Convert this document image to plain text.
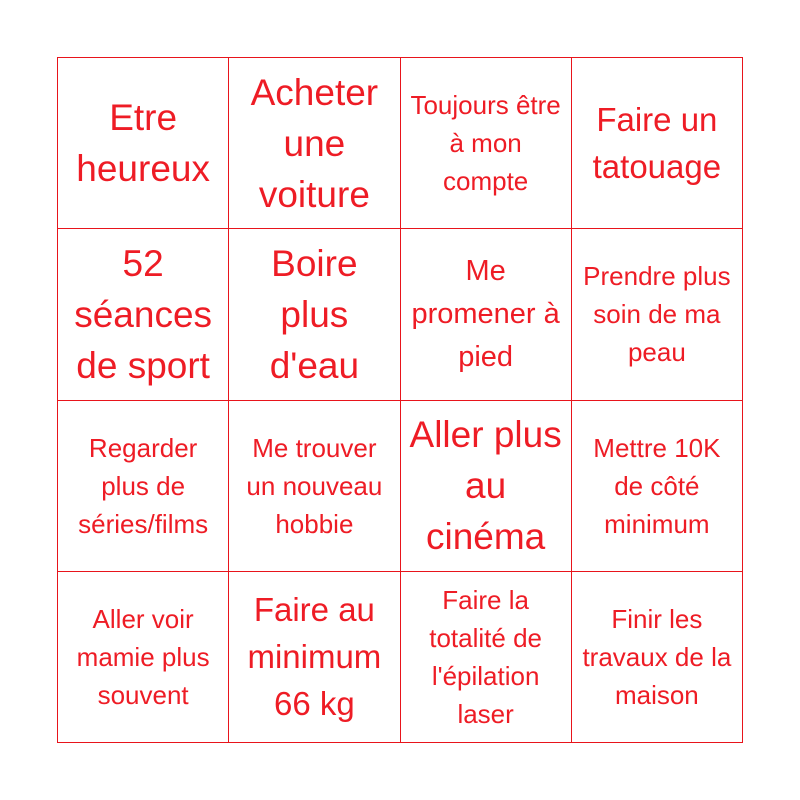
Etre heureux
Acheter une voiture
Toujours être à mon compte
Faire un tatouage
52 séances de sport
Boire plus d'eau
Me promener à pied
Prendre plus soin de ma peau
Regarder plus de séries/films
Me trouver un nouveau hobbie
Aller plus au cinéma
Mettre 10K de côté minimum
Aller voir mamie plus souvent
Faire au minimum 66 kg
Faire la totalité de l'épilation laser
Finir les travaux de la maison
